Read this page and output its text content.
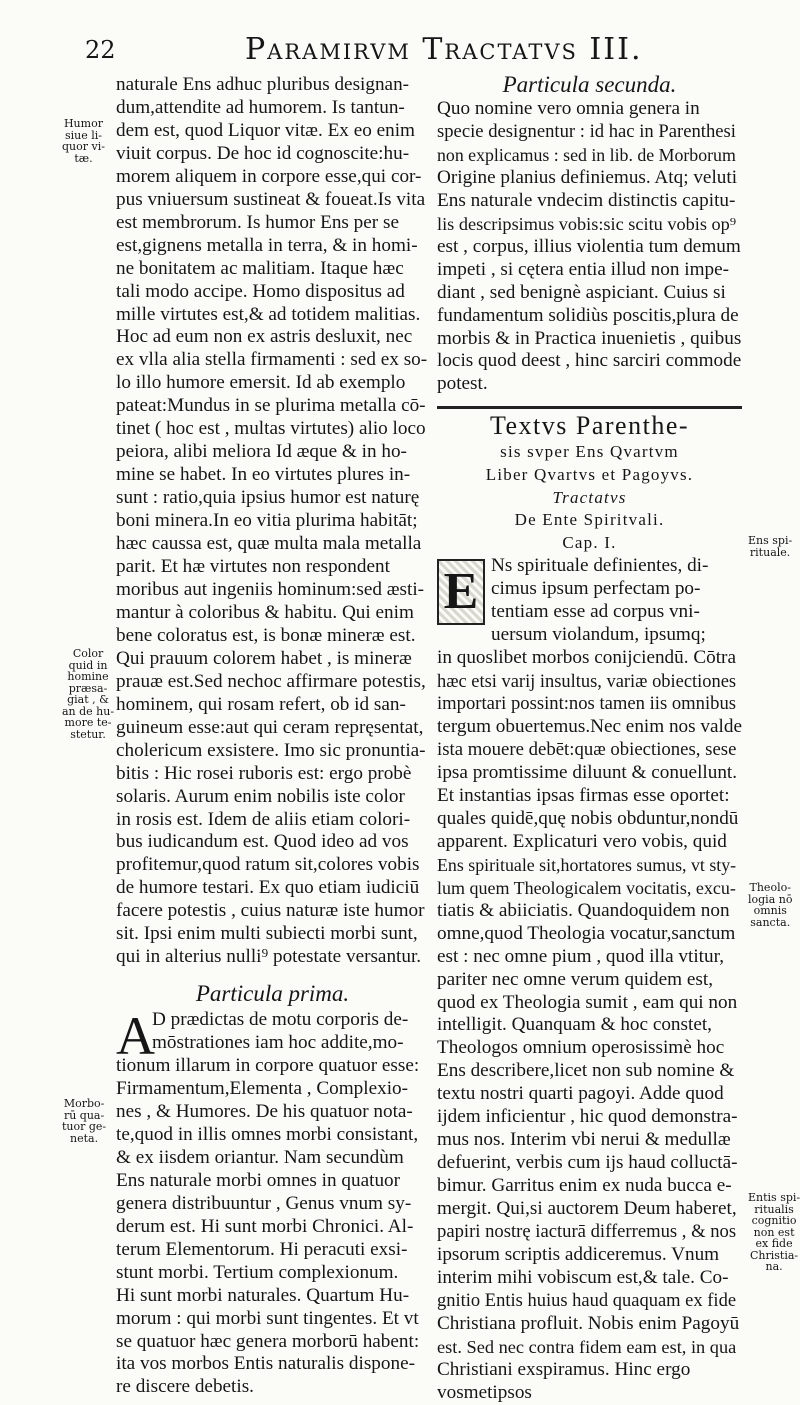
22	Paramirvm Tractatvs III.
naturale Ens adhuc pluribus designan-
dum,attendite ad humorem. Is tantun-
dem est, quod Liquor vitæ. Ex eo enim
viuit corpus. De hoc id cognoscite:hu-
morem aliquem in corpore esse,qui cor-
pus vniuersum sustineat & foueat.Is vita
est membrorum. Is humor Ens per se
est,gignens metalla in terra, & in homi-
ne bonitatem ac malitiam. Itaque hæc
tali modo accipe. Homo dispositus ad
mille virtutes est,& ad totidem malitias.
Hoc ad eum non ex astris desluxit, nec
ex vlla alia stella firmamenti : sed ex so-
lo illo humore emersit. Id ab exemplo
pateat:Mundus in se plurima metalla cō-
tinet ( hoc est , multas virtutes) alio loco
peiora, alibi meliora Id æque & in ho-
mine se habet. In eo virtutes plures in-
sunt : ratio,quia ipsius humor est naturę
boni minera.In eo vitia plurima habitāt;
hæc caussa est, quæ multa mala metalla
parit. Et hæ virtutes non respondent
moribus aut ingeniis hominum:sed æsti-
mantur à coloribus & habitu. Qui enim
bene coloratus est, is bonæ mineræ est.
Qui prauum colorem habet , is mineræ
prauæ est.Sed nechoc affirmare potestis,
hominem, qui rosam refert, ob id san-
guineum esse:aut qui ceram repręsentat,
cholericum exsistere. Imo sic pronuntia-
bitis : Hic rosei ruboris est: ergo probè
solaris. Aurum enim nobilis iste color
in rosis est. Idem de aliis etiam colori-
bus iudicandum est. Quod ideo ad vos
profitemur,quod ratum sit,colores vobis
de humore testari. Ex quo etiam iudiciū
facere potestis , cuius naturæ iste humor
sit. Ipsi enim multi subiecti morbi sunt,
qui in alterius nulli⁹ potestate versantur.
Particula prima.
A
D prædictas de motu corporis de-
mōstrationes iam hoc addite,mo-
tionum illarum in corpore quatuor esse:
Firmamentum,Elementa , Complexio-
nes , & Humores. De his quatuor nota-
te,quod in illis omnes morbi consistant,
& ex iisdem oriantur. Nam secundùm
Ens naturale morbi omnes in quatuor
genera distribuuntur , Genus vnum sy-
derum est. Hi sunt morbi Chronici. Al-
terum Elementorum. Hi peracuti exsi-
stunt morbi. Tertium complexionum.
Hi sunt morbi naturales. Quartum Hu-
morum : qui morbi sunt tingentes. Et vt
se quatuor hæc genera morborū habent:
ita vos morbos Entis naturalis dispone-
re discere debetis.
Particula secunda.
Quo nomine vero omnia genera in
specie designentur : id hac in Parenthesi
non explicamus : sed in lib. de Morborum
Origine planius definiemus. Atq; veluti
Ens naturale vndecim distinctis capitu-
lis descripsimus vobis:sic scitu vobis op⁹
est , corpus, illius violentia tum demum
impeti , si cętera entia illud non impe-
diant , sed benignè aspiciant. Cuius si
fundamentum solidiùs poscitis,plura de
morbis & in Practica inuenietis , quibus
locis quod deest , hinc sarciri commode
potest.
Textvs Parenthe-
sis svper Ens Qvartvm
Liber Qvartvs et Pagoyvs.
Tractatvs
De Ente Spiritvali.
Cap. I.
E Ns spirituale definientes, di-
cimus ipsum perfectam po-
tentiam esse ad corpus vni-
uersum violandum, ipsumq;
in quoslibet morbos conijciendū. Cōtra
hæc etsi varij insultus, variæ obiectiones
importari possint:nos tamen iis omnibus
tergum obuertemus.Nec enim nos valde
ista mouere debēt:quæ obiectiones, sese
ipsa promtissime diluunt & conuellunt.
Et instantias ipsas firmas esse oportet:
quales quidē,quę nobis obduntur,nondū
apparent. Explicaturi vero vobis, quid
Ens spirituale sit,hortatores sumus, vt sty-
lum quem Theologicalem vocitatis, excu-
tiatis & abiiciatis. Quandoquidem non
omne,quod Theologia vocatur,sanctum
est : nec omne pium , quod illa vtitur,
pariter nec omne verum quidem est,
quod ex Theologia sumit , eam qui non
intelligit. Quanquam & hoc constet,
Theologos omnium operosissimè hoc
Ens describere,licet non sub nomine &
textu nostri quarti pagoyi. Adde quod
ijdem inficientur , hic quod demonstra-
mus nos. Interim vbi nerui & medullæ
defuerint, verbis cum ijs haud colluctā-
bimur. Garritus enim ex nuda bucca e-
mergit. Qui,si auctorem Deum haberet,
papiri nostrę iacturā differremus , & nos
ipsorum scriptis addiceremus. Vnum
interim mihi vobiscum est,& tale. Co-
gnitio Entis huius haud quaquam ex fide
Christiana profluit. Nobis enim Pagoyū
est. Sed nec contra fidem eam est, in qua
Christiani exspiramus. Hinc ergo
vosmetipsos
Humor
siue li-
quor vi-
tæ.
Color
quid in
homine
præsa-
giat , &
an de hu-
more te-
stetur.
Morbo-
rū qua-
tuor ge-
neta.
Ens spi-
rituale.
Theolo-
logia nō
omnis
sancta.
Entis spi-
ritualis
cognitio
non est
ex fide
Christia-
na.
